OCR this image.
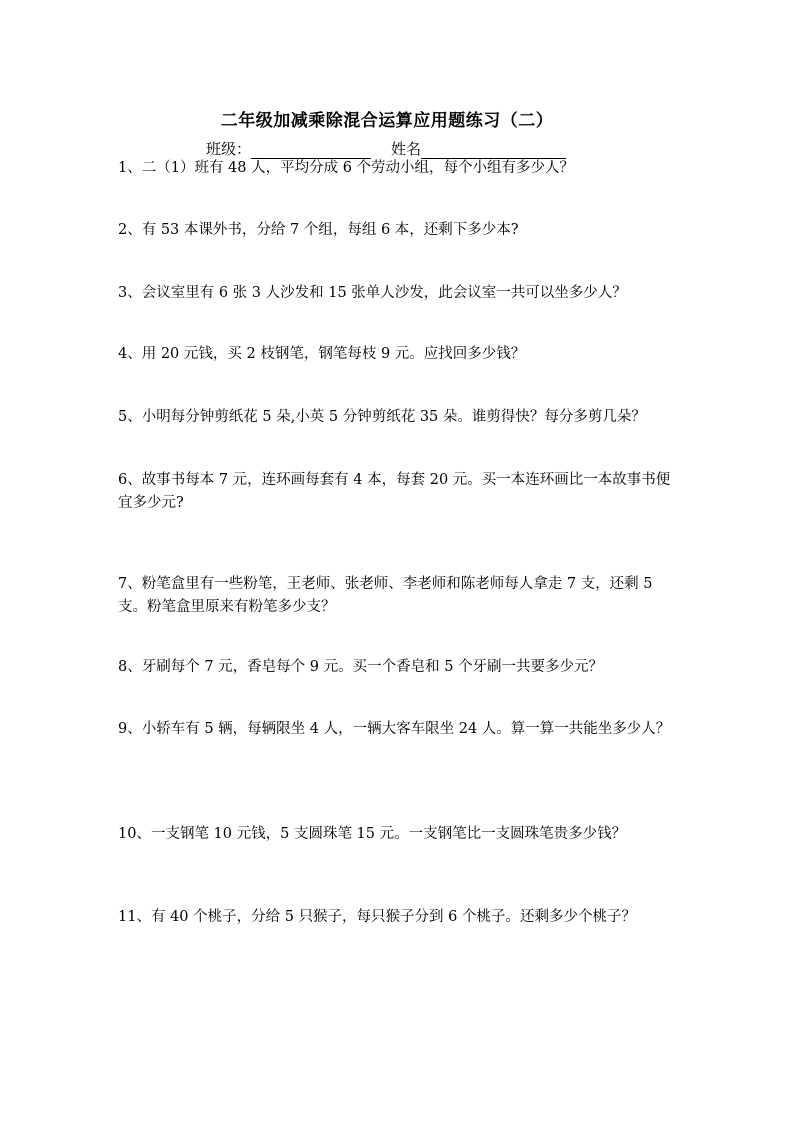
二年级加减乘除混合运算应用题练习（二）
班级：	姓名
1、二（1）班有 48 人，平均分成 6 个劳动小组，每个小组有多少人？
2、有 53 本课外书，分给 7 个组，每组 6 本，还剩下多少本?
3、会议室里有 6 张 3 人沙发和 15 张单人沙发，此会议室一共可以坐多少人？
4、用 20 元钱，买 2 枝钢笔，钢笔每枝 9 元。应找回多少钱？
5、小明每分钟剪纸花 5 朵,小英 5 分钟剪纸花 35 朵。谁剪得快？每分多剪几朵？
6、故事书每本 7 元，连环画每套有 4 本，每套 20 元。买一本连环画比一本故事书便宜多少元?
7、粉笔盒里有一些粉笔，王老师、张老师、李老师和陈老师每人拿走 7 支，还剩 5 支。粉笔盒里原来有粉笔多少支？
8、牙刷每个 7 元，香皂每个 9 元。买一个香皂和 5 个牙刷一共要多少元？
9、小轿车有 5 辆，每辆限坐 4 人，一辆大客车限坐 24 人。算一算一共能坐多少人？
10、一支钢笔 10 元钱，5 支圆珠笔 15 元。一支钢笔比一支圆珠笔贵多少钱？
11、有 40 个桃子，分给 5 只猴子，每只猴子分到 6 个桃子。还剩多少个桃子？
